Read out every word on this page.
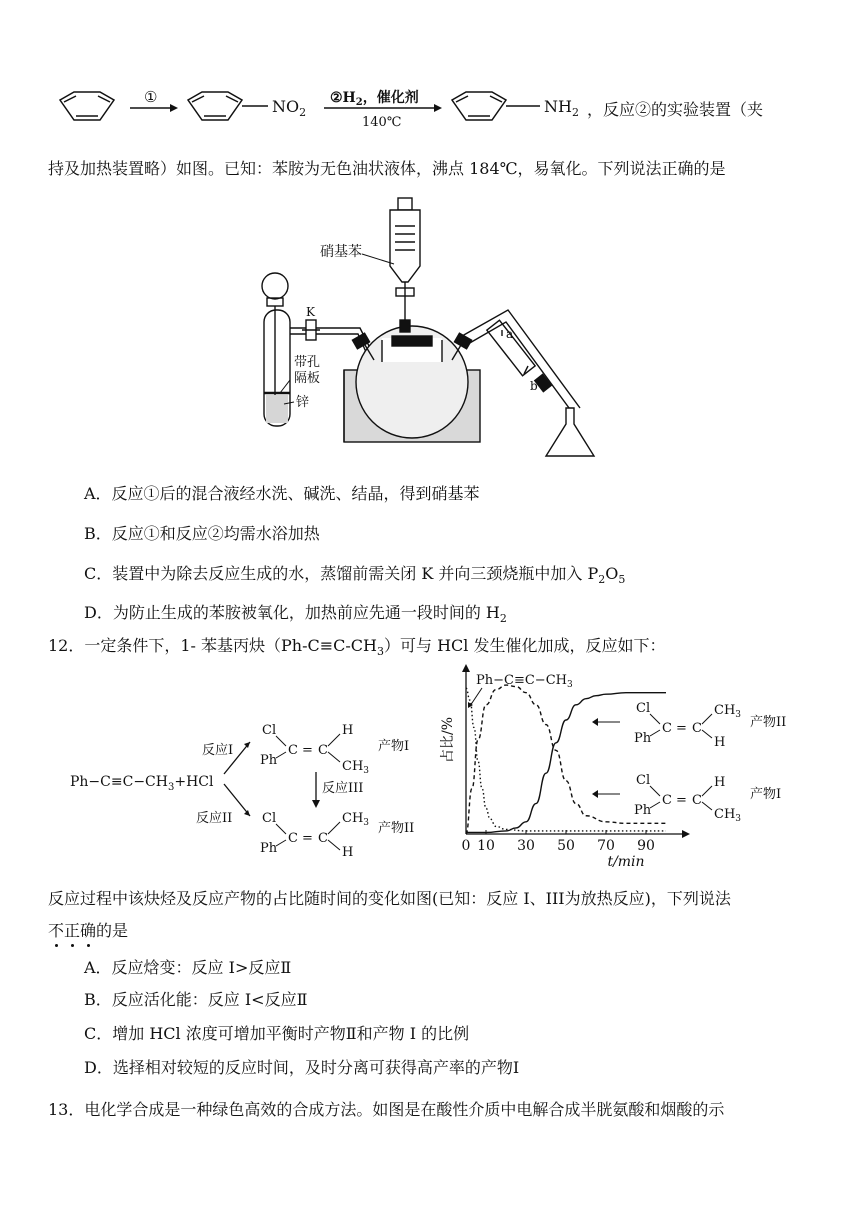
①	$NO_2$
$②H_2$，催化剂
140℃
$NH_2$ ，反应②的实验装置（夹
持及加热装置略）如图。已知：苯胺为无色油状液体，沸点 184℃，易氧化。下列说法正确的是
硝基苯
K
带孔
隔板
锌
a
b
A．反应①后的混合液经水洗、碱洗、结晶，得到硝基苯
B．反应①和反应②均需水浴加热
C．装置中为除去反应生成的水，蒸馏前需关闭 K 并向三颈烧瓶中加入 $P_2O_5$
D．为防止生成的苯胺被氧化，加热前应先通一段时间的 $H_2$
12．一定条件下，1- 苯基丙炔$(Ph-C\equiv C-CH_3)$可与 HCl 发生催化加成，反应如下：
$Ph-C\equiv C-CH_3+HCl$
反应I
反应II
Cl
Ph
C = C
H
$CH_3$
产物I
反应III
Cl
Ph
C = C
$CH_3$
H
产物II
0 10 30 50 70 90
占比/%
t/min
$Ph-C\equiv C-CH_3$
Cl
Ph
C = C
$CH_3$
H
产物II
Cl
Ph
C = C
H
$CH_3$
产物I
反应过程中该炔烃及反应产物的占比随时间的变化如图(已知：反应 I、III为放热反应)，下列说法
不正确的是
A．反应焓变：反应 I>反应Ⅱ
B．反应活化能：反应 I<反应Ⅱ
C．增加 HCl 浓度可增加平衡时产物Ⅱ和产物 I 的比例
D．选择相对较短的反应时间，及时分离可获得高产率的产物Ⅰ
13．电化学合成是一种绿色高效的合成方法。如图是在酸性介质中电解合成半胱氨酸和烟酸的示
